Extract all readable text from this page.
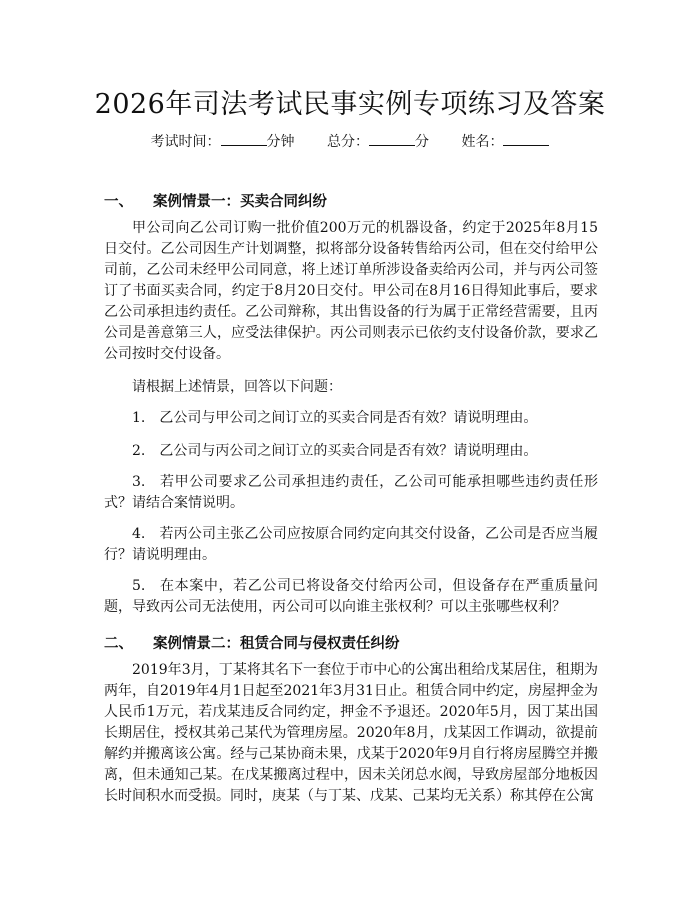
2026年司法考试民事实例专项练习及答案
考试时间：	分钟 总分：	分 姓名：
一、 案例情景一：买卖合同纠纷

甲公司向乙公司订购一批价值200万元的机器设备，约定于2025年8月15日交付。乙公司因生产计划调整，拟将部分设备转售给丙公司，但在交付给甲公司前，乙公司未经甲公司同意，将上述订单所涉设备卖给丙公司，并与丙公司签订了书面买卖合同，约定于8月20日交付。甲公司在8月16日得知此事后，要求乙公司承担违约责任。乙公司辩称，其出售设备的行为属于正常经营需要，且丙公司是善意第三人，应受法律保护。丙公司则表示已依约支付设备价款，要求乙公司按时交付设备。

请根据上述情景，回答以下问题：

1. 乙公司与甲公司之间订立的买卖合同是否有效？请说明理由。

2. 乙公司与丙公司之间订立的买卖合同是否有效？请说明理由。

3. 若甲公司要求乙公司承担违约责任，乙公司可能承担哪些违约责任形式？请结合案情说明。

4. 若丙公司主张乙公司应按原合同约定向其交付设备，乙公司是否应当履行？请说明理由。

5. 在本案中，若乙公司已将设备交付给丙公司，但设备存在严重质量问题，导致丙公司无法使用，丙公司可以向谁主张权利？可以主张哪些权利？

二、 案例情景二：租赁合同与侵权责任纠纷

2019年3月，丁某将其名下一套位于市中心的公寓出租给戊某居住，租期为两年，自2019年4月1日起至2021年3月31日止。租赁合同中约定，房屋押金为人民币1万元，若戊某违反合同约定，押金不予退还。2020年5月，因丁某出国长期居住，授权其弟己某代为管理房屋。2020年8月，戊某因工作调动，欲提前解约并搬离该公寓。经与己某协商未果，戊某于2020年9月自行将房屋腾空并搬离，但未通知己某。在戊某搬离过程中，因未关闭总水阀，导致房屋部分地板因长时间积水而受损。同时，庚某（与丁某、戊某、己某均无关系）称其停在公寓
